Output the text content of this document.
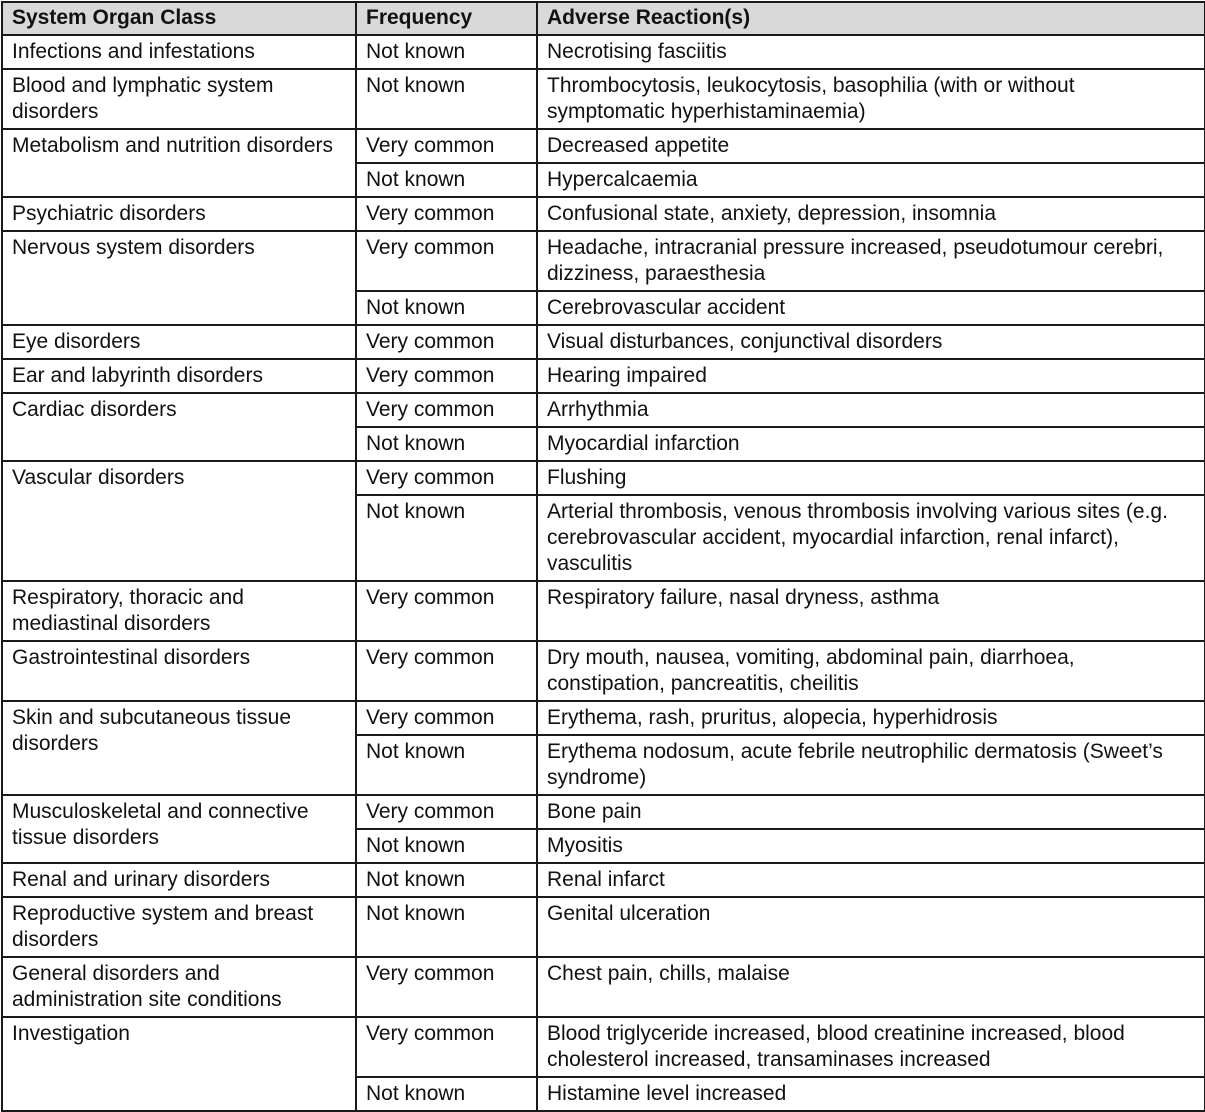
System Organ Class	Frequency	Adverse Reaction(s)
Infections and infestations	Not known	Necrotising fasciitis
Blood and lymphatic system disorders	Not known	Thrombocytosis, leukocytosis, basophilia (with or without symptomatic hyperhistaminaemia)
Metabolism and nutrition disorders	Very common	Decreased appetite
	Not known	Hypercalcaemia
Psychiatric disorders	Very common	Confusional state, anxiety, depression, insomnia
Nervous system disorders	Very common	Headache, intracranial pressure increased, pseudotumour cerebri, dizziness, paraesthesia
	Not known	Cerebrovascular accident
Eye disorders	Very common	Visual disturbances, conjunctival disorders
Ear and labyrinth disorders	Very common	Hearing impaired
Cardiac disorders	Very common	Arrhythmia
	Not known	Myocardial infarction
Vascular disorders	Very common	Flushing
	Not known	Arterial thrombosis, venous thrombosis involving various sites (e.g. cerebrovascular accident, myocardial infarction, renal infarct), vasculitis
Respiratory, thoracic and mediastinal disorders	Very common	Respiratory failure, nasal dryness, asthma
Gastrointestinal disorders	Very common	Dry mouth, nausea, vomiting, abdominal pain, diarrhoea, constipation, pancreatitis, cheilitis
Skin and subcutaneous tissue disorders	Very common	Erythema, rash, pruritus, alopecia, hyperhidrosis
	Not known	Erythema nodosum, acute febrile neutrophilic dermatosis (Sweet’s syndrome)
Musculoskeletal and connective tissue disorders	Very common	Bone pain
	Not known	Myositis
Renal and urinary disorders	Not known	Renal infarct
Reproductive system and breast disorders	Not known	Genital ulceration
General disorders and administration site conditions	Very common	Chest pain, chills, malaise
Investigation	Very common	Blood triglyceride increased, blood creatinine increased, blood cholesterol increased, transaminases increased
	Not known	Histamine level increased
